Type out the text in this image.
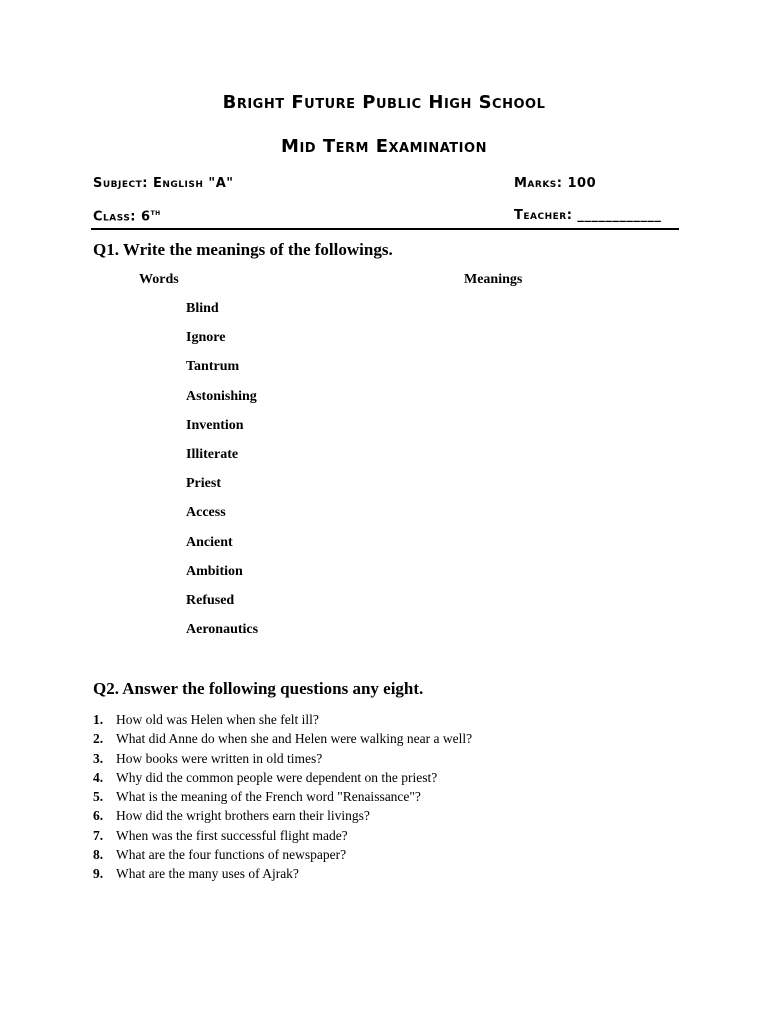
Bright Future Public High School
Mid Term Examination
Subject: English "A"	Marks: 100
Class: 6th	Teacher: ____________
Q1. Write the meanings of the followings.
Words	Meanings
Blind
Ignore
Tantrum
Astonishing
Invention
Illiterate
Priest
Access
Ancient
Ambition
Refused
Aeronautics
Q2. Answer the following questions any eight.
1. How old was Helen when she felt ill?
2. What did Anne do when she and Helen were walking near a well?
3. How books were written in old times?
4. Why did the common people were dependent on the priest?
5. What is the meaning of the French word "Renaissance"?
6. How did the wright brothers earn their livings?
7. When was the first successful flight made?
8. What are the four functions of newspaper?
9. What are the many uses of Ajrak?
